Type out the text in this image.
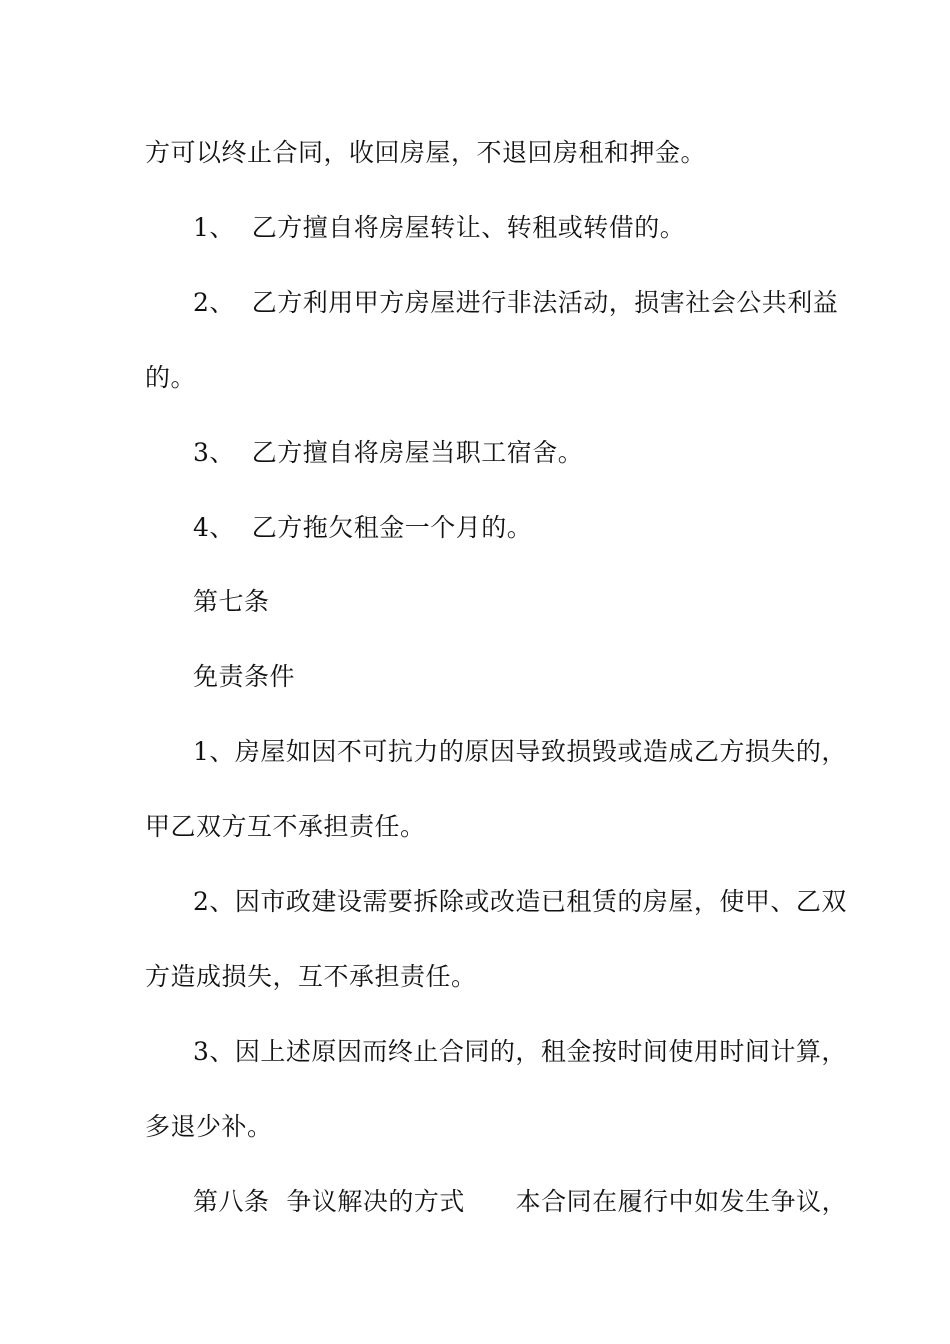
方可以终止合同，收回房屋，不退回房租和押金。
1、  乙方擅自将房屋转让、转租或转借的。
2、  乙方利用甲方房屋进行非法活动，损害社会公共利益
的。
3、  乙方擅自将房屋当职工宿舍。
4、  乙方拖欠租金一个月的。
第七条
免责条件
1、房屋如因不可抗力的原因导致损毁或造成乙方损失的，
甲乙双方互不承担责任。
2、因市政建设需要拆除或改造已租赁的房屋，使甲、乙双
方造成损失，互不承担责任。
3、因上述原因而终止合同的，租金按时间使用时间计算，
多退少补。
第八条  争议解决的方式      本合同在履行中如发生争议，
